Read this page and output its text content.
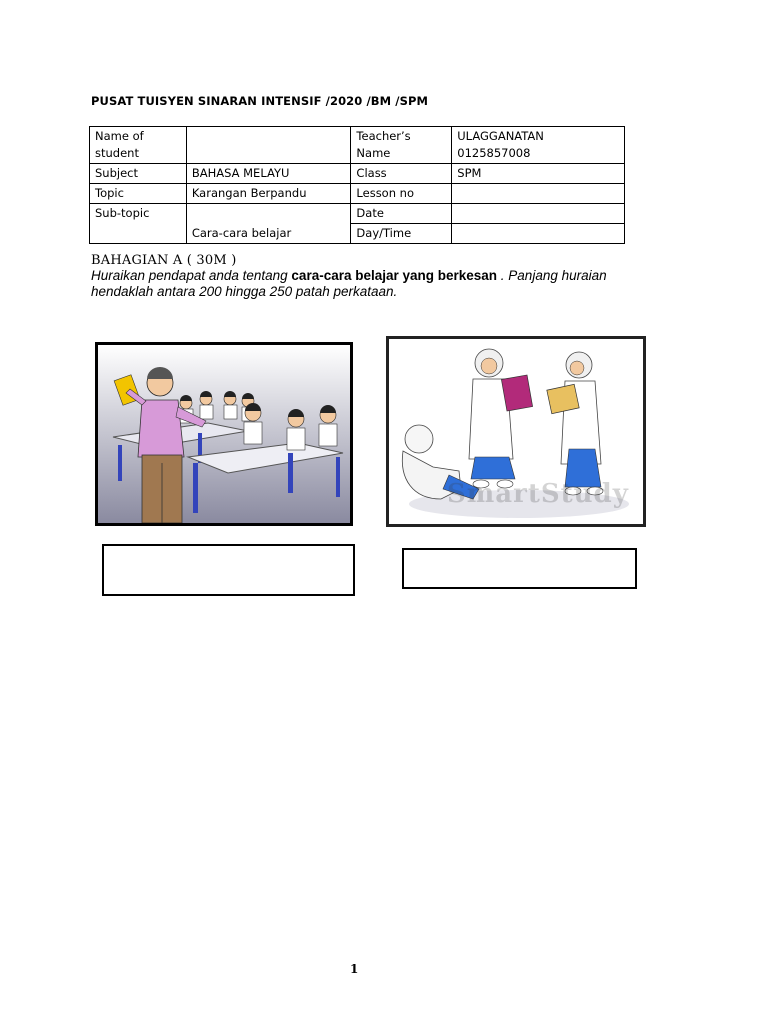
PUSAT TUISYEN SINARAN INTENSIF /2020 /BM /SPM
Name of student		Teacher’s Name	ULAGGANATAN
0125857008

Subject	BAHASA MELAYU	Class	SPM
Topic	Karangan Berpandu	Lesson no	
Sub-topic	Cara-cara belajar	Date	
		Day/Time	
BAHAGIAN A ( 30M )
Huraikan pendapat anda tentang cara-cara belajar yang berkesan . Panjang huraian hendaklah antara 200 hingga 250 patah perkataan.
SmartStudy
1
